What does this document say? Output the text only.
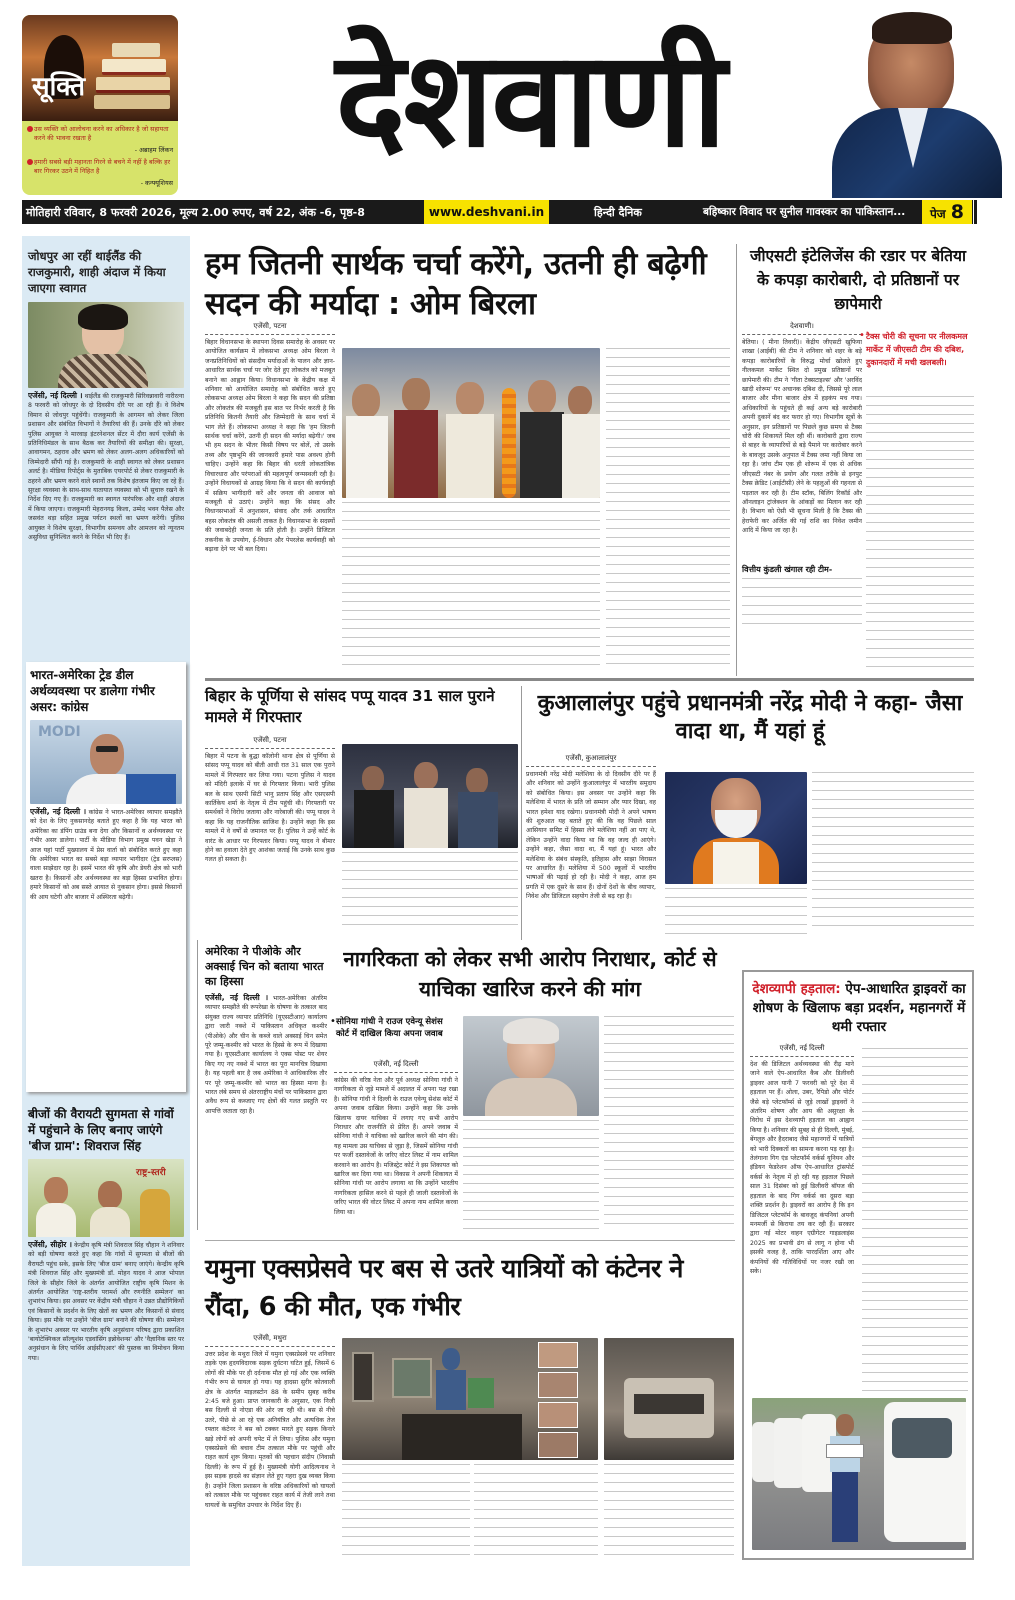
सूक्ति
उस व्यक्ति को आलोचना करने का अधिकार है जो सहायता करने की भावना रखता है
- अब्राहम लिंकन
हमारी सबसे बड़ी महानता गिरने से बचने में नहीं है बल्कि हर बार गिरकर उठने में निहित है
- कन्फ्यूशियस
देशवाणी
मोतिहारी रविवार, 8 फरवरी 2026, मूल्य 2.00 रुपए, वर्ष 22, अंक -6, पृष्ठ-8	www.deshvani.in	हिन्दी दैनिक	बहिष्कार विवाद पर सुनील गावस्कर का पाकिस्तान...	पेज 8
जोधपुर आ रहीं थाईलैंड की राजकुमारी, शाही अंदाज में किया जाएगा स्वागत
एजेंसी, नई दिल्ली । थाईलैंड की राजकुमारी सिरिवन्नावारी नारीरत्ना 8 फरवरी को जोधपुर के दो दिवसीय दौरे पर आ रही हैं। वे विशेष विमान से जोधपुर पहुंचेंगी। राजकुमारी के आगमन को लेकर जिला प्रशासन और संबंधित विभागों ने तैयारियां की हैं। उनके दौरे को लेकर पुलिस आयुक्त ने मारवाड़ इंटरनेशनल सेंटर में दौरा कार्य एजेंसी के प्रतिनिधिमंडल के साथ बैठक कर तैयारियों की समीक्षा की। सुरक्षा, आवागमन, ठहराव और भ्रमण को लेकर अलग-अलग अधिकारियों को जिम्मेदारी सौंपी गई है। राजकुमारी के शाही स्वागत को लेकर प्रशासन अलर्ट है। मीडिया रिपोर्ट्स के मुताबिक एयरपोर्ट से लेकर राजकुमारी के ठहरने और भ्रमण करने वाले स्थानों तक विशेष इंतजाम किए जा रहे हैं। सुरक्षा व्यवस्था के साथ-साथ यातायात व्यवस्था को भी सुचारु रखने के निर्देश दिए गए हैं। राजकुमारी का स्वागत पारंपरिक और शाही अंदाज में किया जाएगा। राजकुमारी मेहरानगढ़ किला, उम्मेद भवन पैलेस और जसवंत थड़ा सहित प्रमुख पर्यटन स्थलों का भ्रमण करेंगी। पुलिस आयुक्त ने विशेष सुरक्षा, विभागीय समन्वय और आमजन को न्यूनतम असुविधा सुनिश्चित करने के निर्देश भी दिए हैं।
भारत-अमेरिका ट्रेड डील अर्थव्यवस्था पर डालेगा गंभीर असर: कांग्रेस
MODI
एजेंसी, नई दिल्ली । कांग्रेस ने भारत-अमेरिका व्यापार समझौते को देश के लिए नुकसानदेह बताते हुए कहा है कि यह भारत को अमेरिका का डंपिंग ग्राउंड बना देगा और किसानों व अर्थव्यवस्था पर गंभीर असर डालेगा। पार्टी के मीडिया विभाग प्रमुख पवन खेड़ा ने आज यहां पार्टी मुख्यालय में प्रेस वार्ता को संबोधित करते हुए कहा कि अमेरिका भारत का सबसे बड़ा व्यापार भागीदार (ट्रेड सरप्लस) वाला साझेदार रहा है। इसमें भारत की कृषि और डेयरी क्षेत्र को भारी खतरा है। किसानों और अर्थव्यवस्था का बड़ा हिस्सा प्रभावित होगा। हमारे किसानों को अब सस्ते आयात से नुकसान होगा। इससे किसानों की आय घटेगी और बाजार में अस्थिरता बढ़ेगी।
बीजों की वैरायटी सुगमता से गांवों में पहुंचाने के लिए बनाए जाएंगे 'बीज ग्राम': शिवराज सिंह
राष्ट्र-स्तरी
एजेंसी, सीहोर । केन्द्रीय कृषि मंत्री शिवराज सिंह चौहान ने शनिवार को बड़ी घोषणा करते हुए कहा कि गांवों में सुगमता से बीजों की वैरायटी पहुंच सके, इसके लिए 'बीज ग्राम' बनाए जाएंगे। केन्द्रीय कृषि मंत्री शिवराज सिंह और मुख्यमंत्री डॉ. मोहन यादव ने आज भोपाल जिले के सीहोर जिले के अंतर्गत आयोजित राष्ट्रीय कृषि मिशन के अंतर्गत आयोजित 'राष्ट्र-स्तरीय परामर्श और रणनीति सम्मेलन' का शुभारंभ किया। इस अवसर पर केंद्रीय मंत्री चौहान ने उन्नत प्रौद्योगिकियों एवं किसानों के प्रदर्शन के लिए खेतों का भ्रमण और किसानों से संवाद किया। इस मौके पर उन्होंने 'बीज ग्राम' बनाने की घोषणा की। सम्मेलन के शुभारंभ अवसर पर भारतीय कृषि अनुसंधान परिषद द्वारा प्रकाशित 'बायोटेक्निकल सॉल्यूशंस एडवांसिंग इन्नोवेशन्स' और 'वैज्ञानिक स्तर पर अनुसंधान के लिए पार्थिव आईसीएआर' की पुस्तक का विमोचन किया गया।
हम जितनी सार्थक चर्चा करेंगे, उतनी ही बढ़ेगी सदन की मर्यादा : ओम बिरला
एजेंसी, पटना
बिहार विधानसभा के स्थापना दिवस समारोह के अवसर पर आयोजित कार्यक्रम में लोकसभा अध्यक्ष ओम बिरला ने जनप्रतिनिधियों को संसदीय मर्यादाओं के पालन और ज्ञान-आधारित सार्थक चर्चा पर जोर देते हुए लोकतंत्र को मजबूत बनाने का आह्वान किया। विधानसभा के केंद्रीय कक्ष में शनिवार को आयोजित समारोह को संबोधित करते हुए लोकसभा अध्यक्ष ओम बिरला ने कहा कि सदन की प्रतिष्ठा और लोकतंत्र की मजबूती इस बात पर निर्भर करती है कि प्रतिनिधि कितनी तैयारी और जिम्मेदारी के साथ चर्चा में भाग लेते हैं। लोकसभा अध्यक्ष ने कहा कि 'हम जितनी सार्थक चर्चा करेंगे, उतनी ही सदन की मर्यादा बढ़ेगी।' जब भी हम सदन के भीतर किसी विषय पर बोलें, तो उसके तथ्य और पृष्ठभूमि की जानकारी हमारे पास अवश्य होनी चाहिए। उन्होंने कहा कि बिहार की धरती लोकतांत्रिक विचारधारा और परंपराओं की महत्वपूर्ण जन्मस्थली रही है। उन्होंने विधायकों से आग्रह किया कि वे सदन की कार्यवाही में सक्रिय भागीदारी करें और जनता की आवाज को मजबूती से उठाएं। उन्होंने कहा कि संसद और विधानसभाओं में अनुशासन, संवाद और तर्क आधारित बहस लोकतंत्र की असली ताकत है। विधानसभा के सदस्यों की जवाबदेही जनता के प्रति होती है। उन्होंने डिजिटल तकनीक के उपयोग, ई-विधान और पेपरलेस कार्यवाही को बढ़ावा देने पर भी बल दिया।
जीएसटी इंटेलिजेंस की रडार पर बेतिया के कपड़ा कारोबारी, दो प्रतिष्ठानों पर छापेमारी
देशवाणी।
बेतिया। ( मीना तिवारी)। केंद्रीय जीएसटी खुफिया शाखा (आईबी) की टीम ने शनिवार को शहर के बड़े कपड़ा कारोबारियों के विरुद्ध मोर्चा खोलते हुए नीलकमल मार्केट स्थित दो प्रमुख प्रतिष्ठानों पर छापेमारी की। टीम ने 'गीता टेक्सटाइल्स' और 'अरविंद खादी शोरूम' पर अचानक दबिश दी, जिससे पूरे लाल बाजार और मीना बाजार क्षेत्र में हड़कंप मच गया। अधिकारियों के पहुंचते ही कई अन्य बड़े कारोबारी अपनी दुकानें बंद कर फरार हो गए। विभागीय सूत्रों के अनुसार, इन प्रतिष्ठानों पर पिछले कुछ समय से टैक्स चोरी की शिकायतें मिल रही थीं। कारोबारी द्वारा राज्य से बाहर के व्यापारियों से बड़े पैमाने पर कारोबार करने के बावजूद उसके अनुपात में टैक्स जमा नहीं किया जा रहा है। जांच टीम एक ही शोरूम में एक से अधिक जीएसटी नंबर के प्रयोग और गलत तरीके से इनपुट टैक्स क्रेडिट (आईटीसी) लेने के पहलुओं की गहनता से पड़ताल कर रही है। टीम स्टॉक, बिलिंग रिकॉर्ड और ऑनलाइन ट्रांजेक्शन के आंकड़ों का मिलान कर रही है। विभाग को ऐसी भी सूचना मिली है कि टैक्स की हेराफेरी कर अर्जित की गई राशि का निवेश जमीन आदि में किया जा रहा है।
वित्तीय कुंडली खंगाल रही टीम-
• टैक्स चोरी की सूचना पर नीलकमल मार्केट में जीएसटी टीम की दबिश, दुकानदारों में मची खलबली।
बिहार के पूर्णिया से सांसद पप्पू यादव 31 साल पुराने मामले में गिरफ्तार
एजेंसी, पटना
बिहार में पटना के बुद्धा कॉलोनी थाना क्षेत्र से पूर्णिया से सांसद पप्पू यादव को बीती आधी रात 31 साल एक पुराने मामले में गिरफ्तार कर लिया गया। पटना पुलिस ने यादव को मंदिरी इलाके में घर से गिरफ्तार किया। भारी पुलिस बल के साथ एसपी सिटी भानु प्रताप सिंह और एसएसपी कार्तिकेय शर्मा के नेतृत्व में टीम पहुंची थी। गिरफ्तारी पर समर्थकों ने विरोध जताया और नारेबाजी की। पप्पू यादव ने कहा कि यह राजनीतिक साजिश है। उन्होंने कहा कि इस मामले में वे वर्षों से जमानत पर हैं। पुलिस ने उन्हें कोर्ट के वारंट के आधार पर गिरफ्तार किया। पप्पू यादव ने बीमार होने का हवाला देते हुए आशंका जताई कि उनके साथ कुछ गलत हो सकता है।
कुआलालंपुर पहुंचे प्रधानमंत्री नरेंद्र मोदी ने कहा- जैसा वादा था, मैं यहां हूं
एजेंसी, कुआलालंपुर
प्रधानमंत्री नरेंद्र मोदी मलेशिया के दो दिवसीय दौरे पर हैं और शनिवार को उन्होंने कुआलालंपुर में भारतीय समुदाय को संबोधित किया। इस अवसर पर उन्होंने कहा कि मलेशिया में भारत के प्रति जो सम्मान और प्यार दिखा, वह भारत हमेशा याद रखेगा। प्रधानमंत्री मोदी ने अपने भाषण की शुरुआत यह बताते हुए की कि वह पिछले साल आसियान समिट में हिस्सा लेने मलेशिया नहीं आ पाए थे, लेकिन उन्होंने वादा किया था कि वह जल्द ही आएंगे। उन्होंने कहा, जैसा वादा था, मैं यहां हूं। भारत और मलेशिया के संबंध संस्कृति, इतिहास और साझा विरासत पर आधारित हैं। मलेशिया में 500 स्कूलों में भारतीय भाषाओं की पढ़ाई हो रही है। मोदी ने कहा, आज हम प्रगति में एक दूसरे के साथ हैं। दोनों देशों के बीच व्यापार, निवेश और डिजिटल सहयोग तेजी से बढ़ रहा है।
अमेरिका ने पीओके और अक्साई चिन को बताया भारत का हिस्सा
एजेंसी, नई दिल्ली । भारत-अमेरिका अंतरिम व्यापार समझौते की रूपरेखा के घोषणा के तत्काल बाद संयुक्त राज्य व्यापार प्रतिनिधि (यूएसटीआर) कार्यालय द्वारा जारी नक्शे में पाकिस्तान अधिकृत कश्मीर (पीओके) और चीन के कब्जे वाले अक्साई चिन समेत पूरे जम्मू-कश्मीर को भारत के हिस्से के रूप में दिखाया गया है। यूएसटीआर कार्यालय ने एक्स पोस्ट पर शेयर किए गए नए नक्शे में भारत का पूरा मानचित्र दिखाया है। यह पहली बार है जब अमेरिका ने आधिकारिक तौर पर पूरे जम्मू-कश्मीर को भारत का हिस्सा माना है। भारत लंबे समय से अंतरराष्ट्रीय मंचों पर पाकिस्तान द्वारा अवैध रूप से कब्जाए गए क्षेत्रों की गलत प्रस्तुति पर आपत्ति जताता रहा है।
नागरिकता को लेकर सभी आरोप निराधार, कोर्ट से याचिका खारिज करने की मांग
• सोनिया गांधी ने राउज एवेन्यू सेशंस कोर्ट में दाखिल किया अपना जवाब
एजेंसी, नई दिल्ली
कांग्रेस की वरिष्ठ नेता और पूर्व अध्यक्ष सोनिया गांधी ने नागरिकता से जुड़े मामले में अदालत में अपना पक्ष रखा है। सोनिया गांधी ने दिल्ली के राउज एवेन्यू सेशंस कोर्ट में अपना जवाब दाखिल किया। उन्होंने कहा कि उनके खिलाफ दायर याचिका में लगाए गए सभी आरोप निराधार और राजनीति से प्रेरित हैं। अपने जवाब में सोनिया गांधी ने याचिका को खारिज करने की मांग की। यह मामला उस याचिका से जुड़ा है, जिसमें सोनिया गांधी पर फर्जी दस्तावेजों के जरिए वोटर लिस्ट में नाम शामिल करवाने का आरोप है। मजिस्ट्रेट कोर्ट ने इस शिकायत को खारिज कर दिया गया था। विकास ने अपनी शिकायत में सोनिया गांधी पर आरोप लगाया था कि उन्होंने भारतीय नागरिकता हासिल करने से पहले ही जाली दस्तावेजों के जरिए भारत की वोटर लिस्ट में अपना नाम शामिल करवा लिया था।
देशव्यापी हड़ताल: ऐप-आधारित ड्राइवरों का शोषण के खिलाफ बड़ा प्रदर्शन, महानगरों में थमी रफ्तार
एजेंसी, नई दिल्ली
देश की डिजिटल अर्थव्यवस्था की रीढ़ माने जाने वाले ऐप-आधारित कैब और डिलीवरी ड्राइवर आज यानी 7 फरवरी को पूरे देश में हड़ताल पर हैं। ओला, उबर, रैपिडो और पोर्टर जैसे बड़े प्लेटफॉर्म्स से जुड़े लाखों ड्राइवरों ने अंतरिम शोषण और आय की असुरक्षा के विरोध में इस देशव्यापी हड़ताल का आह्वान किया है। शनिवार की सुबह से ही दिल्ली, मुंबई, बेंगलुरु और हैदराबाद जैसे महानगरों में यात्रियों को भारी दिक्कतों का सामना करना पड़ रहा है। तेलंगाना गिग एंड प्लेटफॉर्म वर्कर्स यूनियन और इंडियन फेडरेशन ऑफ ऐप-आधारित ट्रांसपोर्ट वर्कर्स के नेतृत्व में हो रही यह हड़ताल पिछले साल 31 दिसंबर को हुई डिलीवरी बॉयज की हड़ताल के बाद गिग वर्कर्स का दूसरा बड़ा शक्ति प्रदर्शन है। ड्राइवरों का आरोप है कि इन डिजिटल प्लेटफॉर्म के बावजूद कंपनियां अपनी मनमर्जी से किराया तय कर रही हैं। सरकार द्वारा नई मोटर वाहन एग्रीगेटर गाइडलाइंस 2025 का प्रभावी ढंग से लागू न होना भी इसकी वजह है, ताकि पारदर्शिता आए और कंपनियों की गतिविधियों पर नजर रखी जा सके।
यमुना एक्सप्रेसवे पर बस से उतरे यात्रियों को कंटेनर ने रौंदा, 6 की मौत, एक गंभीर
एजेंसी, मथुरा
उत्तर प्रदेश के मथुरा जिले में यमुना एक्सप्रेसवे पर शनिवार तड़के एक हृदयविदारक सड़क दुर्घटना घटित हुई, जिसमें 6 लोगों की मौके पर ही दर्दनाक मौत हो गई और एक व्यक्ति गंभीर रूप से घायल हो गया। यह हादसा सुरीर कोतवाली क्षेत्र के अंतर्गत माइलस्टोन 88 के समीप सुबह करीब 2:45 बजे हुआ। प्राप्त जानकारी के अनुसार, एक निजी बस दिल्ली से नोएडा की ओर जा रही थी। बस से नीचे उतरे, पीछे से आ रहे एक अनियंत्रित और अत्यधिक तेज रफ्तार कंटेनर ने बस को टक्कर मारते हुए सड़क किनारे खड़े लोगों को अपनी चपेट में ले लिया। पुलिस और यमुना एक्सप्रेसवे की बचाव टीम तत्काल मौके पर पहुंची और राहत कार्य शुरू किया। मृतकों की पहचान संदीप (निवासी दिल्ली) के रूप में हुई है। मुख्यमंत्री योगी आदित्यनाथ ने इस सड़क हादसे का संज्ञान लेते हुए गहरा दुख व्यक्त किया है। उन्होंने जिला प्रशासन के वरिष्ठ अधिकारियों को घायलों को तत्काल मौके पर पहुंचकर राहत कार्य में तेजी लाने तथा घायलों के समुचित उपचार के निर्देश दिए हैं।
